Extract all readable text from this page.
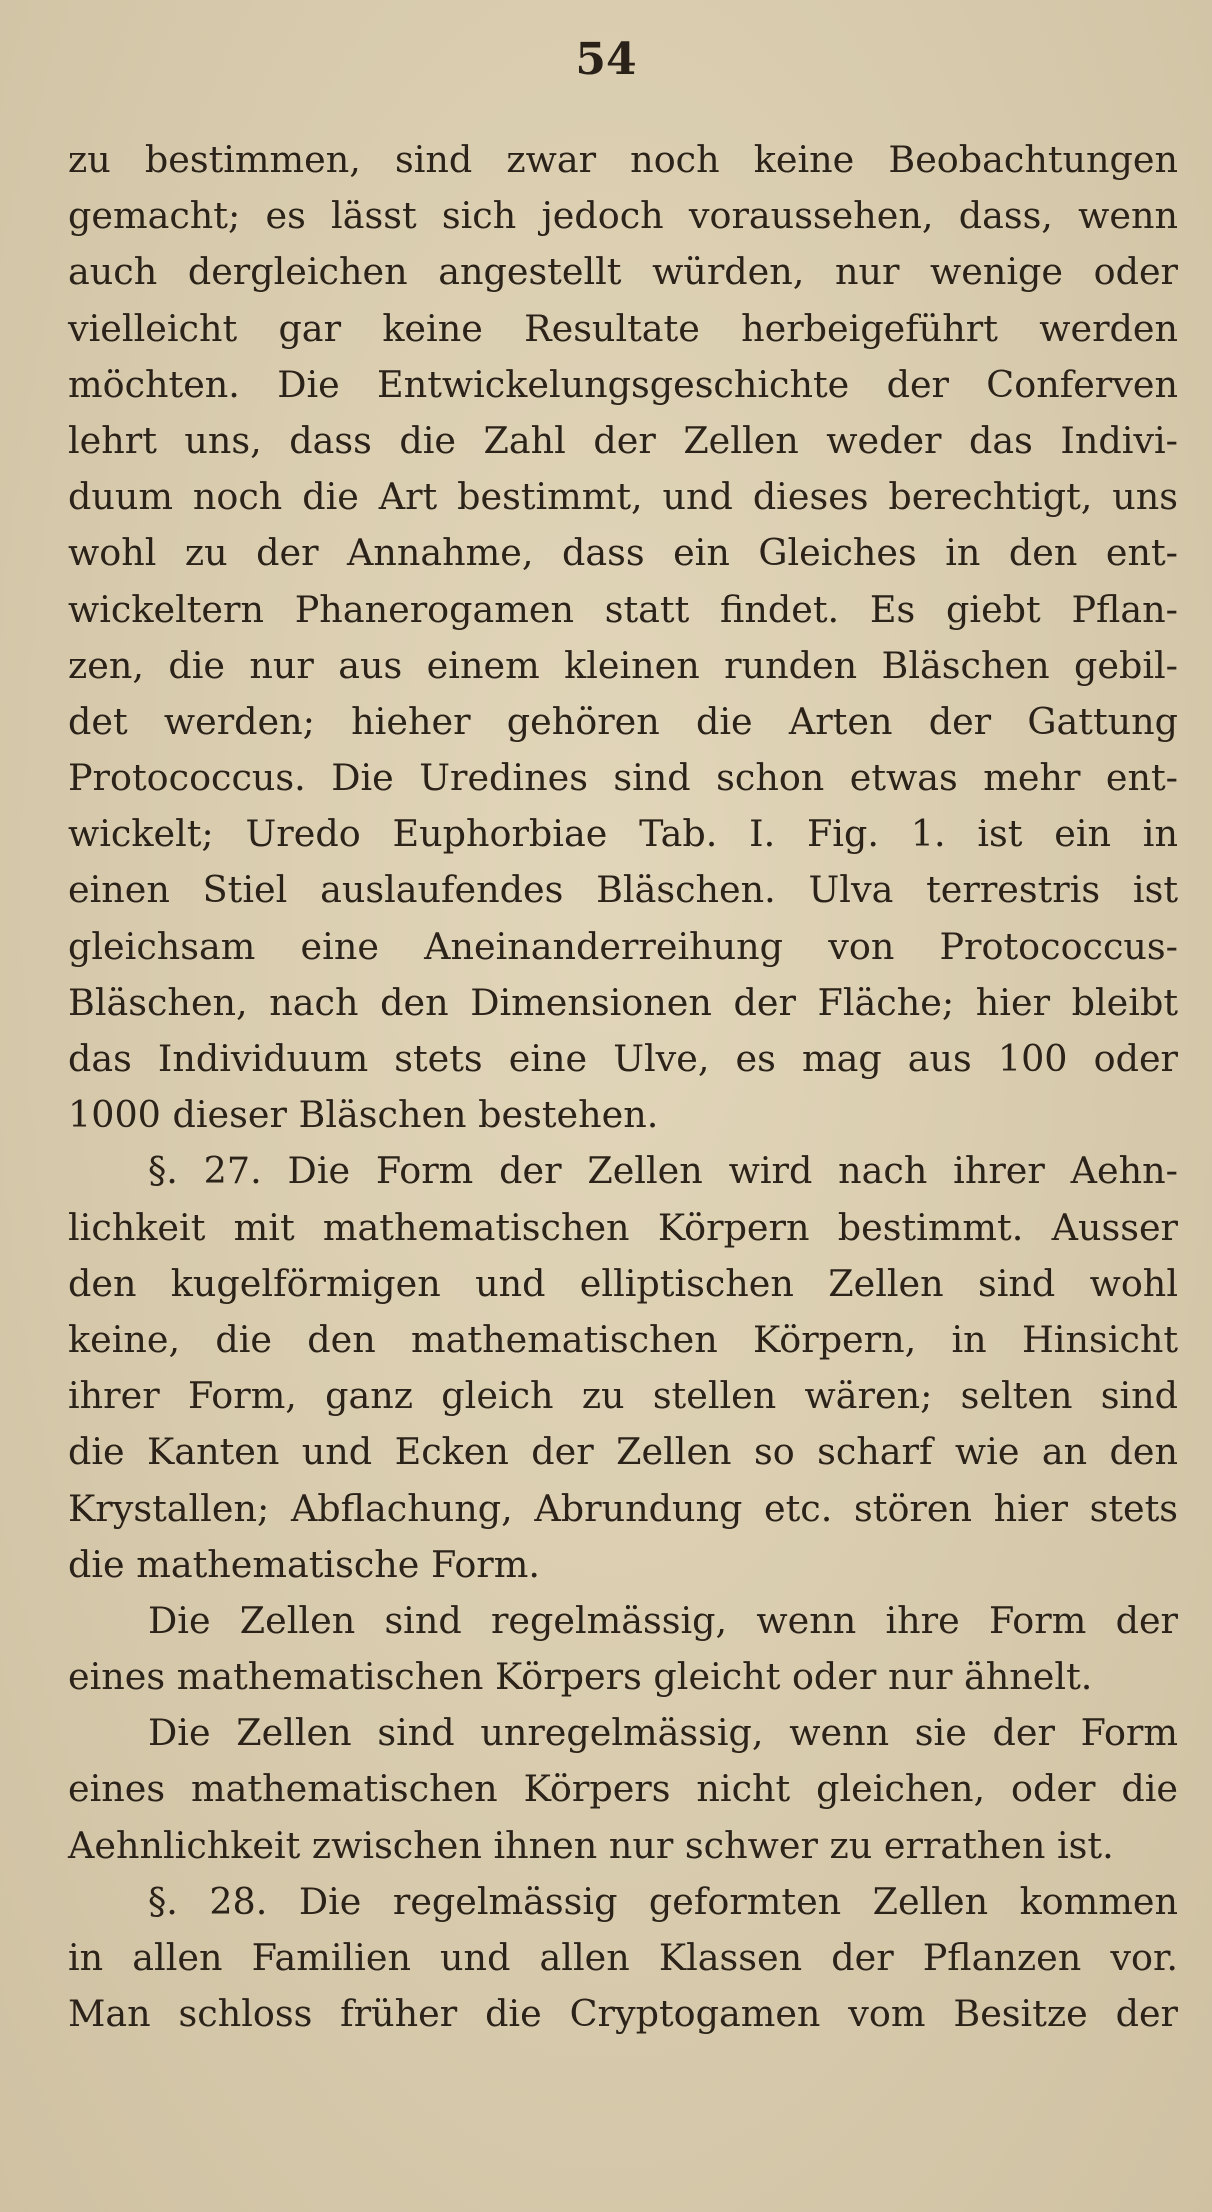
54
zu bestimmen, sind zwar noch keine Beobachtungen
gemacht; es lässt sich jedoch voraussehen, dass, wenn
auch dergleichen angestellt würden, nur wenige oder
vielleicht gar keine Resultate herbeigeführt werden
möchten. Die Entwickelungsgeschichte der Conferven
lehrt uns, dass die Zahl der Zellen weder das Indivi-
duum noch die Art bestimmt, und dieses berechtigt, uns
wohl zu der Annahme, dass ein Gleiches in den ent-
wickeltern Phanerogamen statt findet. Es giebt Pflan-
zen, die nur aus einem kleinen runden Bläschen gebil-
det werden; hieher gehören die Arten der Gattung
Protococcus. Die Uredines sind schon etwas mehr ent-
wickelt; Uredo Euphorbiae Tab. I. Fig. 1. ist ein in
einen Stiel auslaufendes Bläschen. Ulva terrestris ist
gleichsam eine Aneinanderreihung von Protococcus-
Bläschen, nach den Dimensionen der Fläche; hier bleibt
das Individuum stets eine Ulve, es mag aus 100 oder
1000 dieser Bläschen bestehen.
§. 27. Die Form der Zellen wird nach ihrer Aehn-
lichkeit mit mathematischen Körpern bestimmt. Ausser
den kugelförmigen und elliptischen Zellen sind wohl
keine, die den mathematischen Körpern, in Hinsicht
ihrer Form, ganz gleich zu stellen wären; selten sind
die Kanten und Ecken der Zellen so scharf wie an den
Krystallen; Abflachung, Abrundung etc. stören hier stets
die mathematische Form.
Die Zellen sind regelmässig, wenn ihre Form der
eines mathematischen Körpers gleicht oder nur ähnelt.
Die Zellen sind unregelmässig, wenn sie der Form
eines mathematischen Körpers nicht gleichen, oder die
Aehnlichkeit zwischen ihnen nur schwer zu errathen ist.
§. 28. Die regelmässig geformten Zellen kommen
in allen Familien und allen Klassen der Pflanzen vor.
Man schloss früher die Cryptogamen vom Besitze der
